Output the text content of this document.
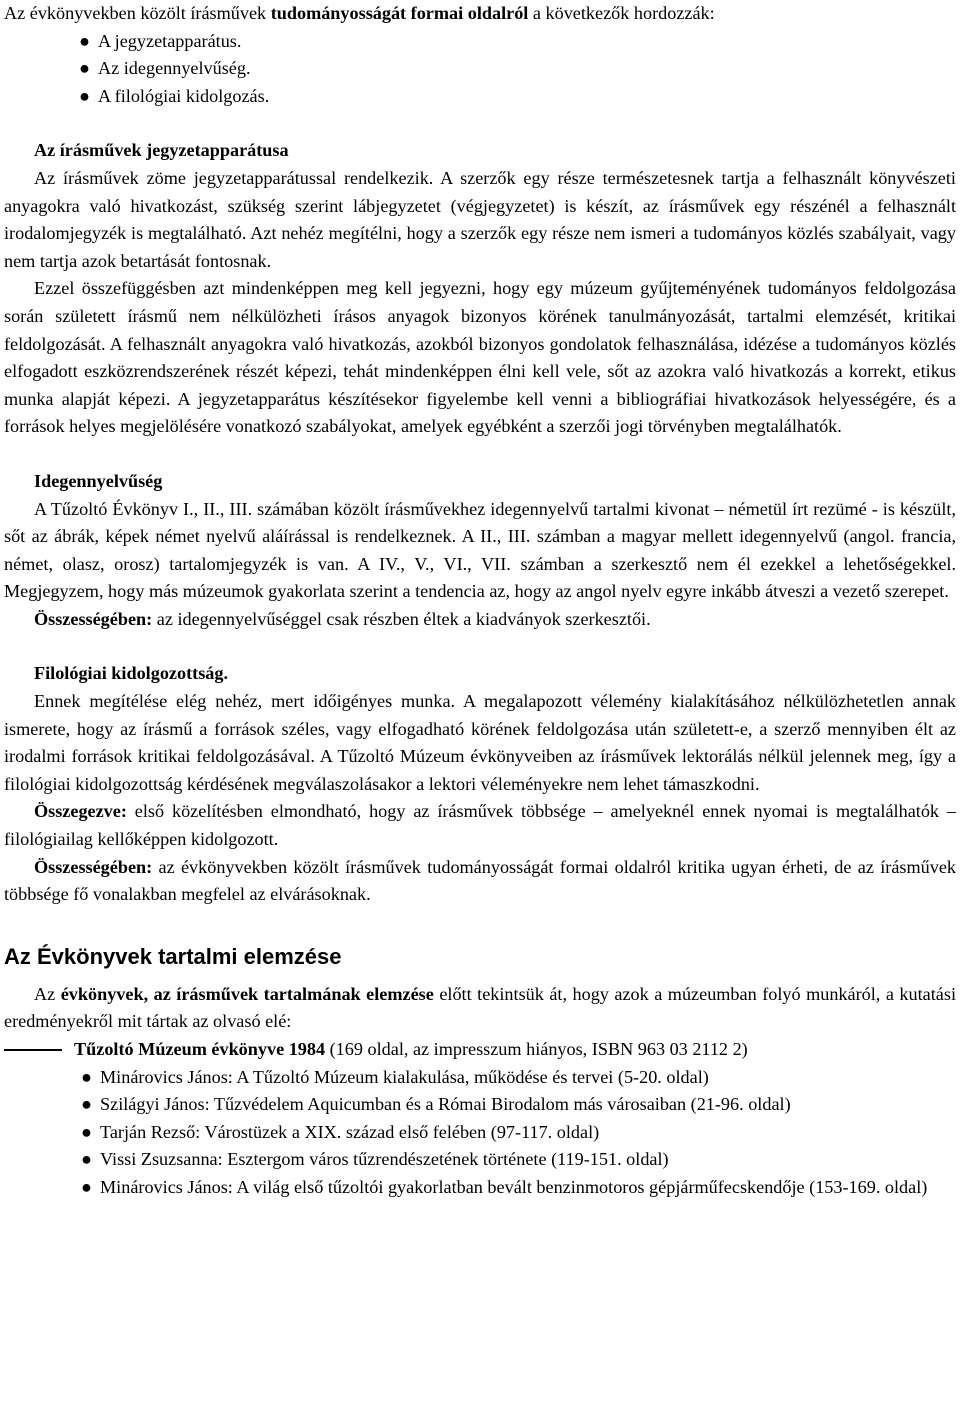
Az évkönyvekben közölt írásművek tudományosságát formai oldalról a következők hordozzák:

● A jegyzetapparátus.
● Az idegennyelvűség.
● A filológiai kidolgozás.

Az írásművek jegyzetapparátusa

Az írásművek zöme jegyzetapparátussal rendelkezik. A szerzők egy része természetesnek tartja a felhasznált könyvészeti anyagokra való hivatkozást, szükség szerint lábjegyzetet (végjegyzetet) is készít, az írásművek egy részénél a felhasznált irodalomjegyzék is megtalálható. Azt nehéz megítélni, hogy a szerzők egy része nem ismeri a tudományos közlés szabályait, vagy nem tartja azok betartását fontosnak.

Ezzel összefüggésben azt mindenképpen meg kell jegyezni, hogy egy múzeum gyűjteményének tudományos feldolgozása során született írásmű nem nélkülözheti írásos anyagok bizonyos körének tanulmányozását, tartalmi elemzését, kritikai feldolgozását. A felhasznált anyagokra való hivatkozás, azokból bizonyos gondolatok felhasználása, idézése a tudományos közlés elfogadott eszközrendszerének részét képezi, tehát mindenképpen élni kell vele, sőt az azokra való hivatkozás a korrekt, etikus munka alapját képezi. A jegyzetapparátus készítésekor figyelembe kell venni a bibliográfiai hivatkozások helyességére, és a források helyes megjelölésére vonatkozó szabályokat, amelyek egyébként a szerzői jogi törvényben megtalálhatók.

Idegennyelvűség

A Tűzoltó Évkönyv I., II., III. számában közölt írásművekhez idegennyelvű tartalmi kivonat – németül írt rezümé - is készült, sőt az ábrák, képek német nyelvű aláírással is rendelkeznek. A II., III. számban a magyar mellett idegennyelvű (angol. francia, német, olasz, orosz) tartalomjegyzék is van. A IV., V., VI., VII. számban a szerkesztő nem él ezekkel a lehetőségekkel. Megjegyzem, hogy más múzeumok gyakorlata szerint a tendencia az, hogy az angol nyelv egyre inkább átveszi a vezető szerepet.

Összességében: az idegennyelvűséggel csak részben éltek a kiadványok szerkesztői.

Filológiai kidolgozottság.

Ennek megítélése elég nehéz, mert időigényes munka. A megalapozott vélemény kialakításához nélkülözhetetlen annak ismerete, hogy az írásmű a források széles, vagy elfogadható körének feldolgozása után született-e, a szerző mennyiben élt az irodalmi források kritikai feldolgozásával. A Tűzoltó Múzeum évkönyveiben az írásművek lektorálás nélkül jelennek meg, így a filológiai kidolgozottság kérdésének megválaszolásakor a lektori véleményekre nem lehet támaszkodni.

Összegezve: első közelítésben elmondható, hogy az írásművek többsége – amelyeknél ennek nyomai is megtalálhatók – filológiailag kellőképpen kidolgozott.

Összességében: az évkönyvekben közölt írásművek tudományosságát formai oldalról kritika ugyan érheti, de az írásművek többsége fő vonalakban megfelel az elvárásoknak.

Az Évkönyvek tartalmi elemzése

Az évkönyvek, az írásművek tartalmának elemzése előtt tekintsük át, hogy azok a múzeumban folyó munkáról, a kutatási eredményekről mit tártak az olvasó elé:

Tűzoltó Múzeum évkönyve 1984 (169 oldal, az impresszum hiányos, ISBN 963 03 2112 2)
● Minárovics János: A Tűzoltó Múzeum kialakulása, működése és tervei (5-20. oldal)
● Szilágyi János: Tűzvédelem Aquicumban és a Római Birodalom más városaiban (21-96. oldal)
● Tarján Rezső: Várostüzek a XIX. század első felében (97-117. oldal)
● Vissi Zsuzsanna: Esztergom város tűzrendészetének története (119-151. oldal)
● Minárovics János: A világ első tűzoltói gyakorlatban bevált benzinmotoros gépjárműfecskendője (153-169. oldal)
